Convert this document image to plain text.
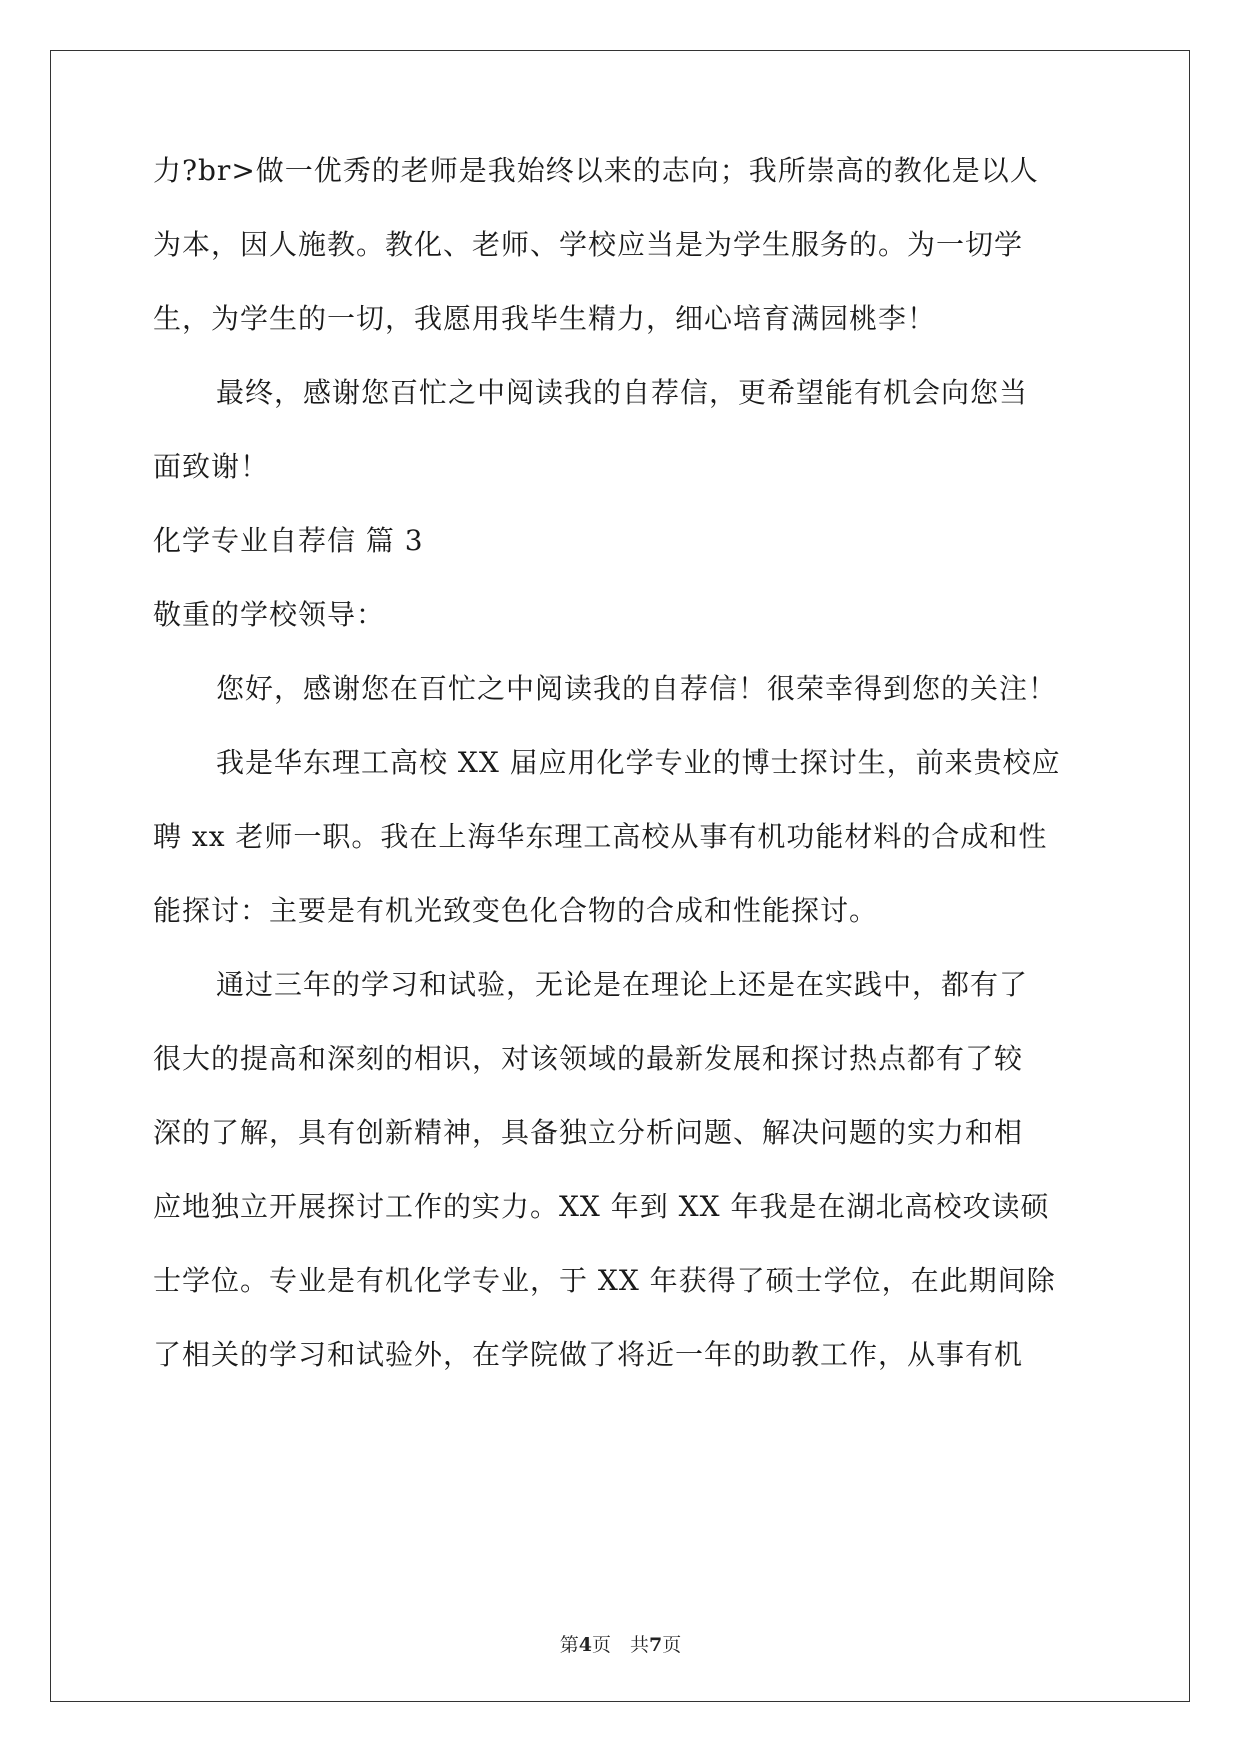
力?br>做一优秀的老师是我始终以来的志向；我所崇高的教化是以人
为本，因人施教。教化、老师、学校应当是为学生服务的。为一切学
生，为学生的一切，我愿用我毕生精力，细心培育满园桃李！
最终，感谢您百忙之中阅读我的自荐信，更希望能有机会向您当
面致谢！
化学专业自荐信 篇 3
敬重的学校领导：
您好，感谢您在百忙之中阅读我的自荐信！很荣幸得到您的关注！
我是华东理工高校 XX 届应用化学专业的博士探讨生，前来贵校应
聘 xx 老师一职。我在上海华东理工高校从事有机功能材料的合成和性
能探讨：主要是有机光致变色化合物的合成和性能探讨。
通过三年的学习和试验，无论是在理论上还是在实践中，都有了
很大的提高和深刻的相识，对该领域的最新发展和探讨热点都有了较
深的了解，具有创新精神，具备独立分析问题、解决问题的实力和相
应地独立开展探讨工作的实力。XX 年到 XX 年我是在湖北高校攻读硕
士学位。专业是有机化学专业，于 XX 年获得了硕士学位，在此期间除
了相关的学习和试验外，在学院做了将近一年的助教工作，从事有机
第4页　共7页
